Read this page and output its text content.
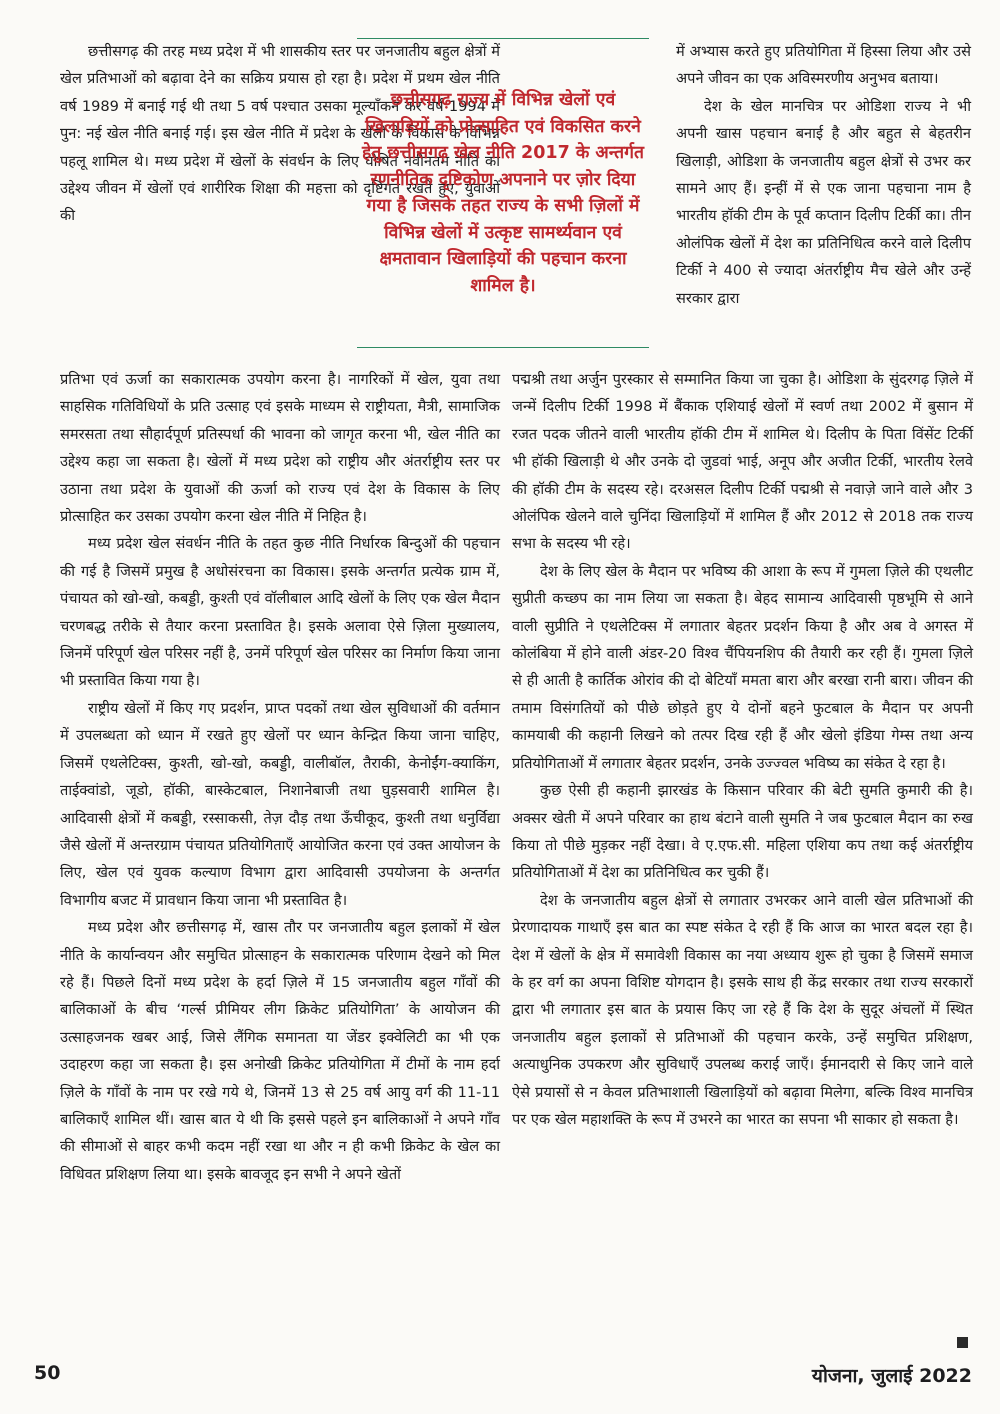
छत्तीसगढ़ की तरह मध्य प्रदेश में भी शासकीय स्तर पर जनजातीय बहुल क्षेत्रों में खेल प्रतिभाओं को बढ़ावा देने का सक्रिय प्रयास हो रहा है। प्रदेश में प्रथम खेल नीति वर्ष 1989 में बनाई गई थी तथा 5 वर्ष पश्चात उसका मूल्यॉंकन कर वर्ष 1994 में पुन: नई खेल नीति बनाई गई। इस खेल नीति में प्रदेश के खेलों के विकास के विभिन्न पहलू शामिल थे। मध्य प्रदेश में खेलों के संवर्धन के लिए घोषित नवीनतम नीति का उद्देश्य जीवन में खेलों एवं शारीरिक शिक्षा की महत्ता को दृष्टिगत रखते हुए, युवाओं की

छत्तीसगढ़ राज्य में विभिन्न खेलों एवं खिलाड़ियों को प्रोत्साहित एवं विकसित करने हेतु छत्तीसगढ़ खेल नीति 2017 के अन्तर्गत रणनीतिक दृष्टिकोण अपनाने पर ज़ोर दिया गया है जिसके तहत राज्य के सभी ज़िलों में विभिन्न खेलों में उत्कृष्ट सामर्थ्यवान एवं क्षमतावान खिलाड़ियों की पहचान करना शामिल है।

में अभ्यास करते हुए प्रतियोगिता में हिस्सा लिया और उसे अपने जीवन का एक अविस्मरणीय अनुभव बताया।

देश के खेल मानचित्र पर ओडिशा राज्य ने भी अपनी खास पहचान बनाई है और बहुत से बेहतरीन खिलाड़ी, ओडिशा के जनजातीय बहुल क्षेत्रों से उभर कर सामने आए हैं। इन्हीं में से एक जाना पहचाना नाम है भारतीय हॉकी टीम के पूर्व कप्तान दिलीप टिर्की का। तीन ओलंपिक खेलों में देश का प्रतिनिधित्व करने वाले दिलीप टिर्की ने 400 से ज्यादा अंतर्राष्ट्रीय मैच खेले और उन्हें सरकार द्वारा

प्रतिभा एवं ऊर्जा का सकारात्मक उपयोग करना है। नागरिकों में खेल, युवा तथा साहसिक गतिविधियों के प्रति उत्साह एवं इसके माध्यम से राष्ट्रीयता, मैत्री, सामाजिक समरसता तथा सौहार्दपूर्ण प्रतिस्पर्धा की भावना को जागृत करना भी, खेल नीति का उद्देश्य कहा जा सकता है। खेलों में मध्य प्रदेश को राष्ट्रीय और अंतर्राष्ट्रीय स्तर पर उठाना तथा प्रदेश के युवाओं की ऊर्जा को राज्य एवं देश के विकास के लिए प्रोत्साहित कर उसका उपयोग करना खेल नीति में निहित है।

मध्य प्रदेश खेल संवर्धन नीति के तहत कुछ नीति निर्धारक बिन्दुओं की पहचान की गई है जिसमें प्रमुख है अधोसंरचना का विकास। इसके अन्तर्गत प्रत्येक ग्राम में, पंचायत को खो-खो, कबड्डी, कुश्ती एवं वॉलीबाल आदि खेलों के लिए एक खेल मैदान चरणबद्ध तरीके से तैयार करना प्रस्तावित है। इसके अलावा ऐसे ज़िला मुख्यालय, जिनमें परिपूर्ण खेल परिसर नहीं है, उनमें परिपूर्ण खेल परिसर का निर्माण किया जाना भी प्रस्तावित किया गया है।

राष्ट्रीय खेलों में किए गए प्रदर्शन, प्राप्त पदकों तथा खेल सुविधाओं की वर्तमान में उपलब्धता को ध्यान में रखते हुए खेलों पर ध्यान केन्द्रित किया जाना चाहिए, जिसमें एथलेटिक्स, कुश्ती, खो-खो, कबड्डी, वालीबॉल, तैराकी, केनोईंग-क्याकिंग, ताईक्वांडो, जूडो, हॉकी, बास्केटबाल, निशानेबाजी तथा घुड़सवारी शामिल है। आदिवासी क्षेत्रों में कबड्डी, रस्साकसी, तेज़ दौड़ तथा ऊँचीकूद, कुश्ती तथा धनुर्विद्या जैसे खेलों में अन्तरग्राम पंचायत प्रतियोगिताएँ आयोजित करना एवं उक्त आयोजन के लिए, खेल एवं युवक कल्याण विभाग द्वारा आदिवासी उपयोजना के अन्तर्गत विभागीय बजट में प्रावधान किया जाना भी प्रस्तावित है।

मध्य प्रदेश और छत्तीसगढ़ में, खास तौर पर जनजातीय बहुल इलाकों में खेल नीति के कार्यान्वयन और समुचित प्रोत्साहन के सकारात्मक परिणाम देखने को मिल रहे हैं। पिछले दिनों मध्य प्रदेश के हर्दा ज़िले में 15 जनजातीय बहुल गाँवों की बालिकाओं के बीच ‘गर्ल्स प्रीमियर लीग क्रिकेट प्रतियोगिता’ के आयोजन की उत्साहजनक खबर आई, जिसे लैंगिक समानता या जेंडर इक्वेलिटी का भी एक उदाहरण कहा जा सकता है। इस अनोखी क्रिकेट प्रतियोगिता में टीमों के नाम हर्दा ज़िले के गाँवों के नाम पर रखे गये थे, जिनमें 13 से 25 वर्ष आयु वर्ग की 11-11 बालिकाएँ शामिल थीं। खास बात ये थी कि इससे पहले इन बालिकाओं ने अपने गाँव की सीमाओं से बाहर कभी कदम नहीं रखा था और न ही कभी क्रिकेट के खेल का विधिवत प्रशिक्षण लिया था। इसके बावजूद इन सभी ने अपने खेतों

पद्मश्री तथा अर्जुन पुरस्कार से सम्मानित किया जा चुका है। ओडिशा के सुंदरगढ़ ज़िले में जन्में दिलीप टिर्की 1998 में बैंकाक एशियाई खेलों में स्वर्ण तथा 2002 में बुसान में रजत पदक जीतने वाली भारतीय हॉकी टीम में शामिल थे। दिलीप के पिता विंसेंट टिर्की भी हॉकी खिलाड़ी थे और उनके दो जुडवां भाई, अनूप और अजीत टिर्की, भारतीय रेलवे की हॉकी टीम के सदस्य रहे। दरअसल दिलीप टिर्की पद्मश्री से नवाज़े जाने वाले और 3 ओलंपिक खेलने वाले चुनिंदा खिलाड़ियों में शामिल हैं और 2012 से 2018 तक राज्य सभा के सदस्य भी रहे।

देश के लिए खेल के मैदान पर भविष्य की आशा के रूप में गुमला ज़िले की एथलीट सुप्रीती कच्छप का नाम लिया जा सकता है। बेहद सामान्य आदिवासी पृष्ठभूमि से आने वाली सुप्रीति ने एथलेटिक्स में लगातार बेहतर प्रदर्शन किया है और अब वे अगस्त में कोलंबिया में होने वाली अंडर-20 विश्व चैंपियनशिप की तैयारी कर रही हैं। गुमला ज़िले से ही आती है कार्तिक ओरांव की दो बेटियाँ ममता बारा और बरखा रानी बारा। जीवन की तमाम विसंगतियों को पीछे छोड़ते हुए ये दोनों बहने फुटबाल के मैदान पर अपनी कामयाबी की कहानी लिखने को तत्पर दिख रही हैं और खेलो इंडिया गेम्स तथा अन्य प्रतियोगिताओं में लगातार बेहतर प्रदर्शन, उनके उज्ज्वल भविष्य का संकेत दे रहा है।

कुछ ऐसी ही कहानी झारखंड के किसान परिवार की बेटी सुमति कुमारी की है। अक्सर खेती में अपने परिवार का हाथ बंटाने वाली सुमति ने जब फुटबाल मैदान का रुख किया तो पीछे मुड़कर नहीं देखा। वे ए.एफ.सी. महिला एशिया कप तथा कई अंतर्राष्ट्रीय प्रतियोगिताओं में देश का प्रतिनिधित्व कर चुकी हैं।

देश के जनजातीय बहुल क्षेत्रों से लगातार उभरकर आने वाली खेल प्रतिभाओं की प्रेरणादायक गाथाएँ इस बात का स्पष्ट संकेत दे रही हैं कि आज का भारत बदल रहा है। देश में खेलों के क्षेत्र में समावेशी विकास का नया अध्याय शुरू हो चुका है जिसमें समाज के हर वर्ग का अपना विशिष्ट योगदान है। इसके साथ ही केंद्र सरकार तथा राज्य सरकारों द्वारा भी लगातार इस बात के प्रयास किए जा रहे हैं कि देश के सुदूर अंचलों में स्थित जनजातीय बहुल इलाकों से प्रतिभाओं की पहचान करके, उन्हें समुचित प्रशिक्षण, अत्याधुनिक उपकरण और सुविधाएँ उपलब्ध कराई जाएँ। ईमानदारी से किए जाने वाले ऐसे प्रयासों से न केवल प्रतिभाशाली खिलाड़ियों को बढ़ावा मिलेगा, बल्कि विश्व मानचित्र पर एक खेल महाशक्ति के रूप में उभरने का भारत का सपना भी साकार हो सकता है।

50	योजना, जुलाई 2022
